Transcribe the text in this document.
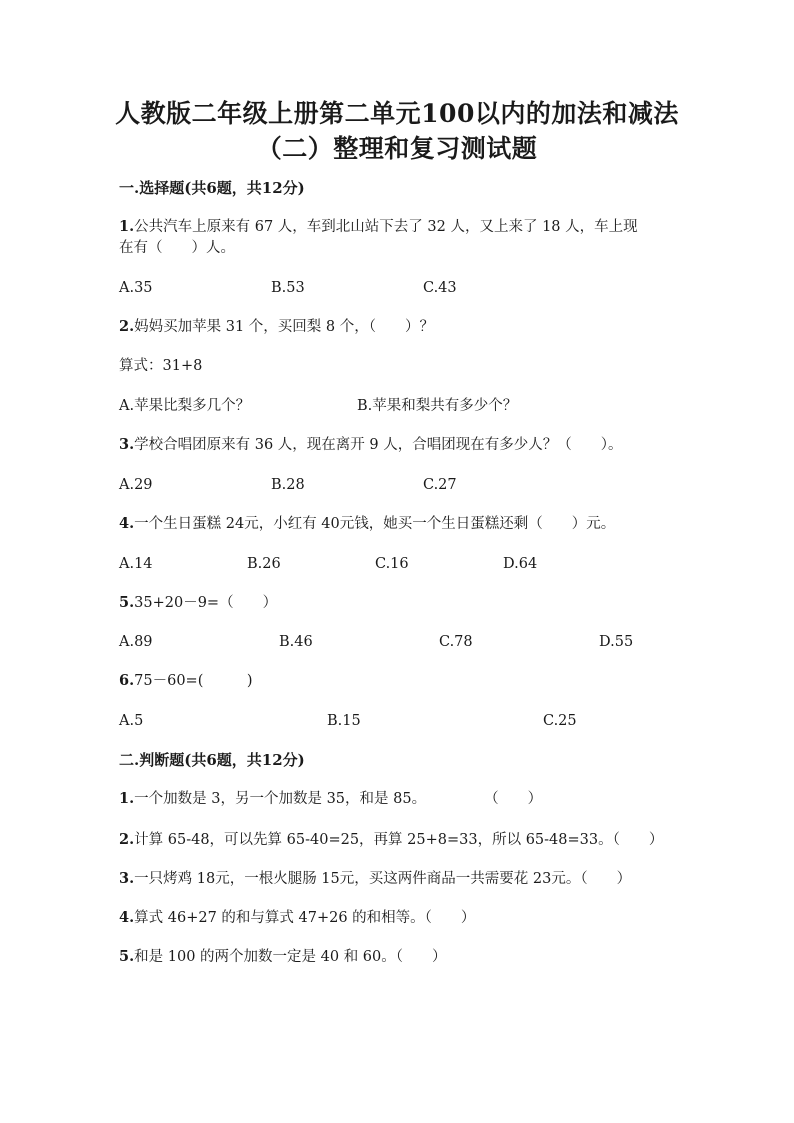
人教版二年级上册第二单元100以内的加法和减法
（二）整理和复习测试题
一.选择题(共6题，共12分)
1.公共汽车上原来有 67 人，车到北山站下去了 32 人，又上来了 18 人，车上现
在有（　　）人。
A.35	B.53	C.43
2.妈妈买加苹果 31 个，买回梨 8 个，（　　）？
算式：31+8
A.苹果比梨多几个？	B.苹果和梨共有多少个？
3.学校合唱团原来有 36 人，现在离开 9 人，合唱团现在有多少人？（　　）。
A.29	B.28	C.27
4.一个生日蛋糕 24元，小红有 40元钱，她买一个生日蛋糕还剩（　　）元。
A.14	B.26	C.16	D.64
5.35+20－9=（　　）
A.89	B.46	C.78	D.55
6.75－60=(　　　)
A.5	B.15	C.25
二.判断题(共6题，共12分)
1.一个加数是 3，另一个加数是 35，和是 85。　　　　　（　　）
2.计算 65-48，可以先算 65-40=25，再算 25+8=33，所以 65-48=33。（　　）
3.一只烤鸡 18元，一根火腿肠 15元，买这两件商品一共需要花 23元。（　　）
4.算式 46+27 的和与算式 47+26 的和相等。（　　）
5.和是 100 的两个加数一定是 40 和 60。（　　）
